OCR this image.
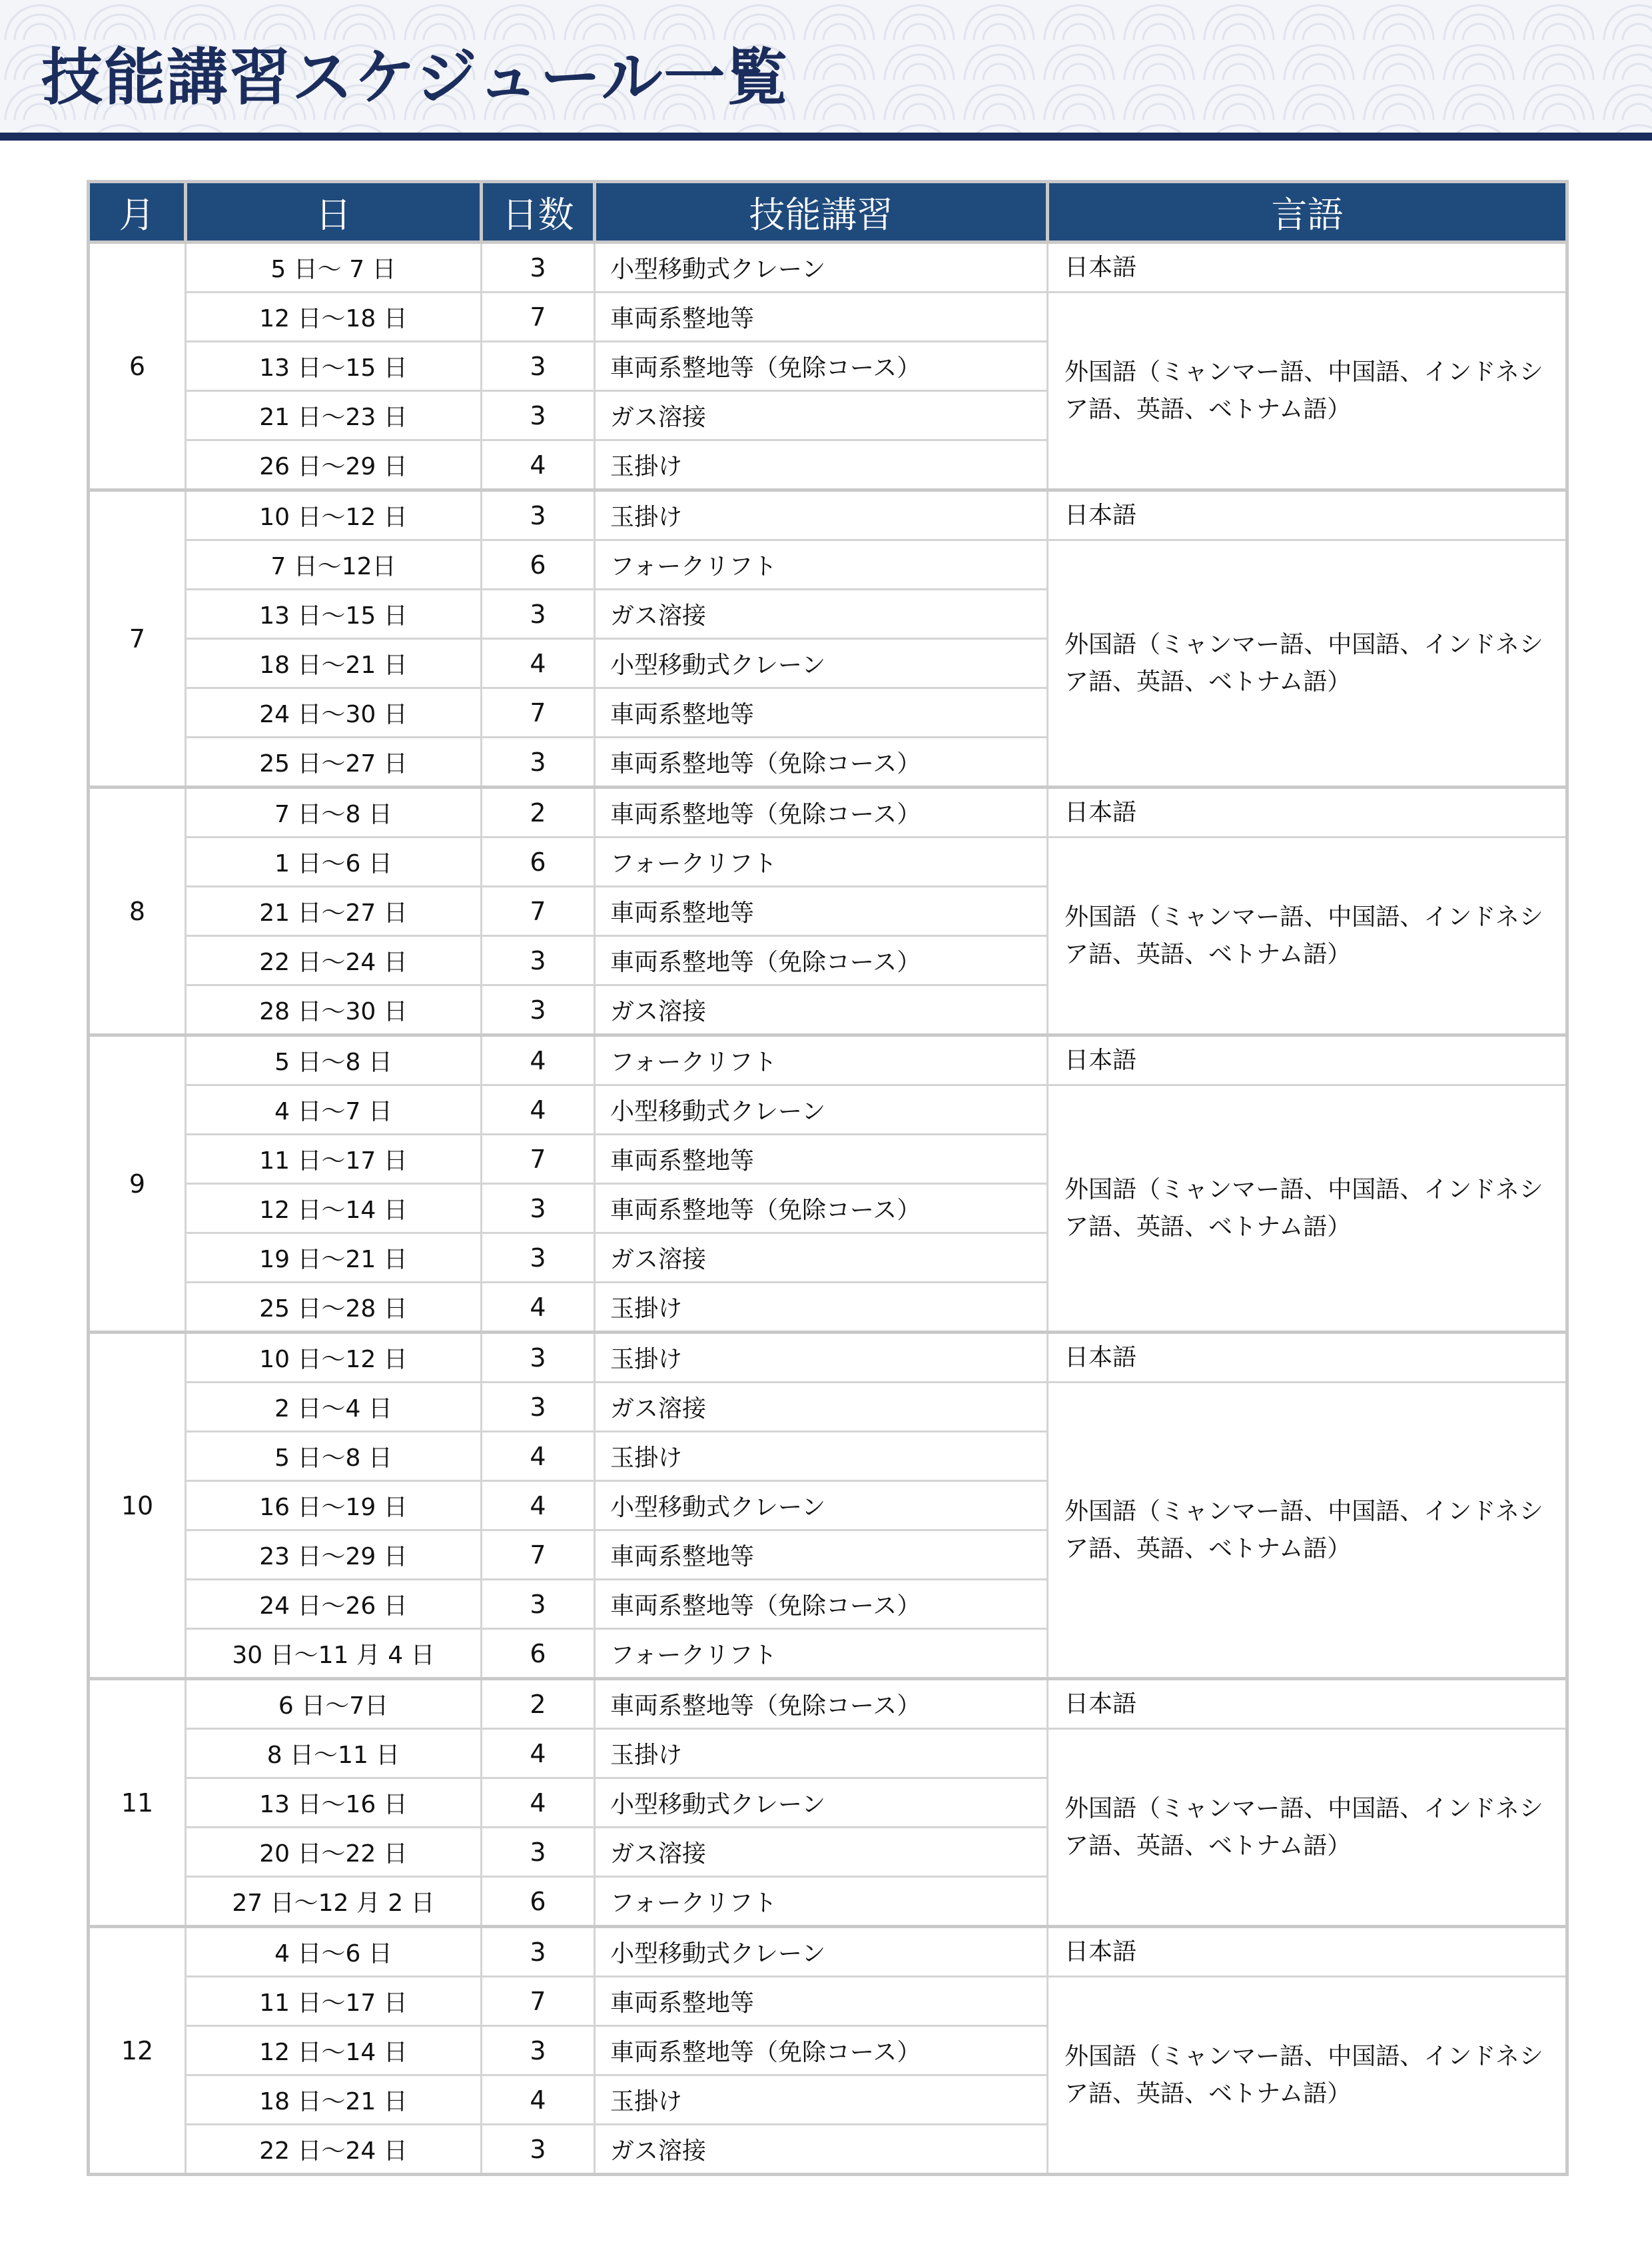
技能講習スケジュール一覧
月	日	日数	技能講習	言語
6	5 日～ 7 日	3	小型移動式クレーン	日本語
	12 日～18 日	7	車両系整地等	外国語（ミャンマー語、中国語、インドネシア語、英語、ベトナム語）
	13 日～15 日	3	車両系整地等（免除コース）	
	21 日～23 日	3	ガス溶接	
	26 日～29 日	4	玉掛け	
7	10 日～12 日	3	玉掛け	日本語
	7 日～12日	6	フォークリフト	外国語（ミャンマー語、中国語、インドネシア語、英語、ベトナム語）
	13 日～15 日	3	ガス溶接	
	18 日～21 日	4	小型移動式クレーン	
	24 日～30 日	7	車両系整地等	
	25 日～27 日	3	車両系整地等（免除コース）	
8	7 日～8 日	2	車両系整地等（免除コース）	日本語
	1 日～6 日	6	フォークリフト	外国語（ミャンマー語、中国語、インドネシア語、英語、ベトナム語）
	21 日～27 日	7	車両系整地等	
	22 日～24 日	3	車両系整地等（免除コース）	
	28 日～30 日	3	ガス溶接	
9	5 日～8 日	4	フォークリフト	日本語
	4 日～7 日	4	小型移動式クレーン	外国語（ミャンマー語、中国語、インドネシア語、英語、ベトナム語）
	11 日～17 日	7	車両系整地等	
	12 日～14 日	3	車両系整地等（免除コース）	
	19 日～21 日	3	ガス溶接	
	25 日～28 日	4	玉掛け	
10	10 日～12 日	3	玉掛け	日本語
	2 日～4 日	3	ガス溶接	外国語（ミャンマー語、中国語、インドネシア語、英語、ベトナム語）
	5 日～8 日	4	玉掛け	
	16 日～19 日	4	小型移動式クレーン	
	23 日～29 日	7	車両系整地等	
	24 日～26 日	3	車両系整地等（免除コース）	
	30 日～11 月 4 日	6	フォークリフト	
11	6 日～7日	2	車両系整地等（免除コース）	日本語
	8 日～11 日	4	玉掛け	外国語（ミャンマー語、中国語、インドネシア語、英語、ベトナム語）
	13 日～16 日	4	小型移動式クレーン	
	20 日～22 日	3	ガス溶接	
	27 日～12 月 2 日	6	フォークリフト	
12	4 日～6 日	3	小型移動式クレーン	日本語
	11 日～17 日	7	車両系整地等	外国語（ミャンマー語、中国語、インドネシア語、英語、ベトナム語）
	12 日～14 日	3	車両系整地等（免除コース）	
	18 日～21 日	4	玉掛け	
	22 日～24 日	3	ガス溶接	
